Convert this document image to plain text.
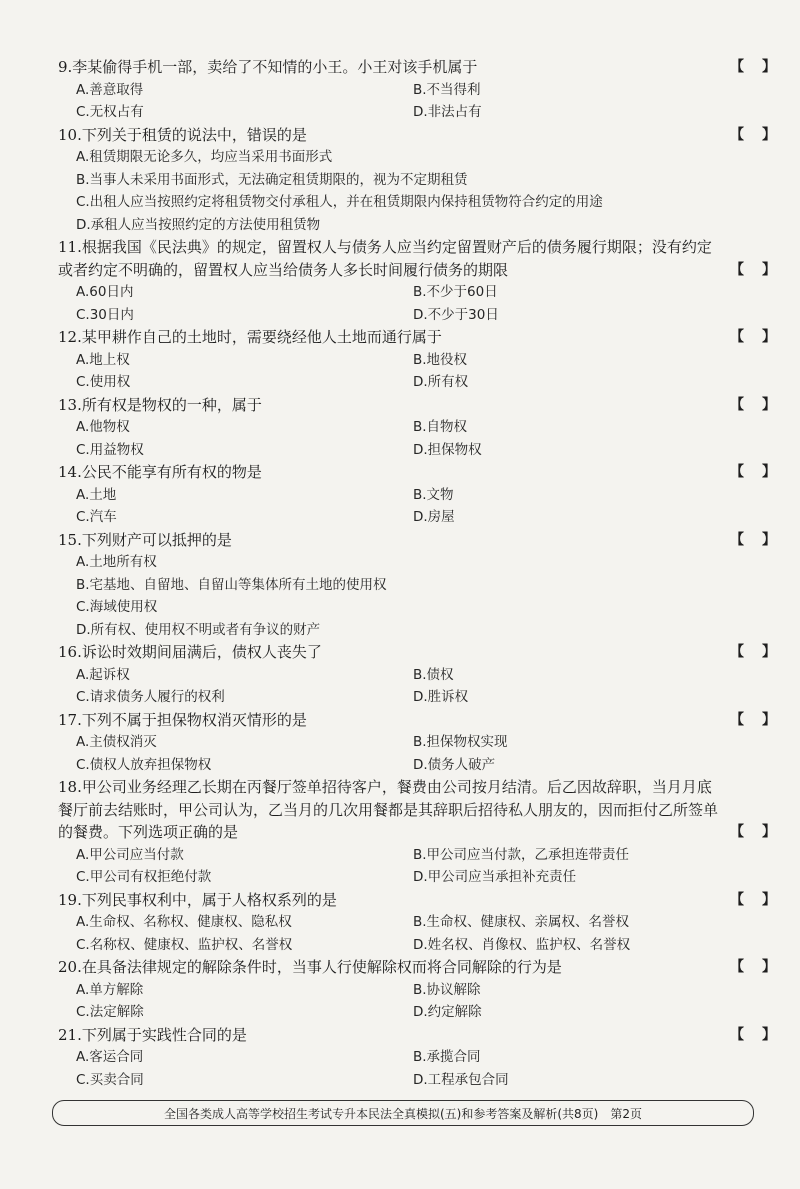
9.李某偷得手机一部，卖给了不知情的小王。小王对该手机属于	【 】
A.善意取得	B.不当得利
C.无权占有	D.非法占有
10.下列关于租赁的说法中，错误的是	【 】
A.租赁期限无论多久，均应当采用书面形式
B.当事人未采用书面形式，无法确定租赁期限的，视为不定期租赁
C.出租人应当按照约定将租赁物交付承租人，并在租赁期限内保持租赁物符合约定的用途
D.承租人应当按照约定的方法使用租赁物
11.根据我国《民法典》的规定，留置权人与债务人应当约定留置财产后的债务履行期限；没有约定或者约定不明确的，留置权人应当给债务人多长时间履行债务的期限	【 】
A.60日内	B.不少于60日
C.30日内	D.不少于30日
12.某甲耕作自己的土地时，需要绕经他人土地而通行属于	【 】
A.地上权	B.地役权
C.使用权	D.所有权
13.所有权是物权的一种，属于	【 】
A.他物权	B.自物权
C.用益物权	D.担保物权
14.公民不能享有所有权的物是	【 】
A.土地	B.文物
C.汽车	D.房屋
15.下列财产可以抵押的是	【 】
A.土地所有权
B.宅基地、自留地、自留山等集体所有土地的使用权
C.海域使用权
D.所有权、使用权不明或者有争议的财产
16.诉讼时效期间届满后，债权人丧失了	【 】
A.起诉权	B.债权
C.请求债务人履行的权利	D.胜诉权
17.下列不属于担保物权消灭情形的是	【 】
A.主债权消灭	B.担保物权实现
C.债权人放弃担保物权	D.债务人破产
18.甲公司业务经理乙长期在丙餐厅签单招待客户，餐费由公司按月结清。后乙因故辞职，当月月底餐厅前去结账时，甲公司认为，乙当月的几次用餐都是其辞职后招待私人朋友的，因而拒付乙所签单的餐费。下列选项正确的是	【 】
A.甲公司应当付款	B.甲公司应当付款，乙承担连带责任
C.甲公司有权拒绝付款	D.甲公司应当承担补充责任
19.下列民事权利中，属于人格权系列的是	【 】
A.生命权、名称权、健康权、隐私权	B.生命权、健康权、亲属权、名誉权
C.名称权、健康权、监护权、名誉权	D.姓名权、肖像权、监护权、名誉权
20.在具备法律规定的解除条件时，当事人行使解除权而将合同解除的行为是	【 】
A.单方解除	B.协议解除
C.法定解除	D.约定解除
21.下列属于实践性合同的是	【 】
A.客运合同	B.承揽合同
C.买卖合同	D.工程承包合同
全国各类成人高等学校招生考试专升本民法全真模拟(五)和参考答案及解析(共8页)　第2页
